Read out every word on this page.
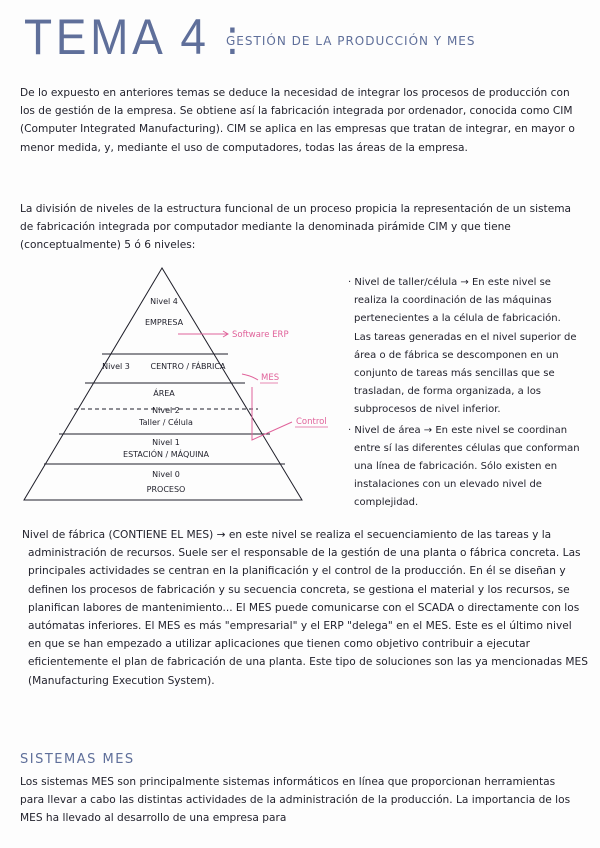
TEMA 4 :
GESTIÓN DE LA PRODUCCIÓN Y MES
De lo expuesto en anteriores temas se deduce la necesidad de integrar los procesos de producción con los de gestión de la empresa. Se obtiene así la fabricación integrada por ordenador, conocida como CIM (Computer Integrated Manufacturing). CIM se aplica en las empresas que tratan de integrar, en mayor o menor medida, y, mediante el uso de computadores, todas las áreas de la empresa.
La división de niveles de la estructura funcional de un proceso propicia la representación de un sistema de fabricación integrada por computador mediante la denominada pirámide CIM y que tiene (conceptualmente) 5 ó 6 niveles:
Nivel 4
EMPRESA
Nivel 3	CENTRO / FÁBRICA
ÁREA
Nivel 2
Taller / Célula
Nivel 1
ESTACIÓN / MÁQUINA
Nivel 0
PROCESO
Software ERP
MES
Control

· Nivel de taller/célula → En este nivel se realiza la coordinación de las máquinas pertenecientes a la célula de fabricación. Las tareas generadas en el nivel superior de área o de fábrica se descomponen en un conjunto de tareas más sencillas que se trasladan, de forma organizada, a los subprocesos de nivel inferior.

· Nivel de área → En este nivel se coordinan entre sí las diferentes células que conforman una línea de fabricación. Sólo existen en instalaciones con un elevado nivel de complejidad.

Nivel de fábrica (CONTIENE EL MES) → en este nivel se realiza el secuenciamiento de las tareas y la administración de recursos. Suele ser el responsable de la gestión de una planta o fábrica concreta. Las principales actividades se centran en la planificación y el control de la producción. En él se diseñan y definen los procesos de fabricación y su secuencia concreta, se gestiona el material y los recursos, se planifican labores de mantenimiento... El MES puede comunicarse con el SCADA o directamente con los autómatas inferiores. El MES es más "empresarial" y el ERP "delega" en el MES. Este es el último nivel en que se han empezado a utilizar aplicaciones que tienen como objetivo contribuir a ejecutar eficientemente el plan de fabricación de una planta. Este tipo de soluciones son las ya mencionadas MES (Manufacturing Execution System).
SISTEMAS MES
Los sistemas MES son principalmente sistemas informáticos en línea que proporcionan herramientas para llevar a cabo las distintas actividades de la administración de la producción. La importancia de los MES ha llevado al desarrollo de una empresa para
